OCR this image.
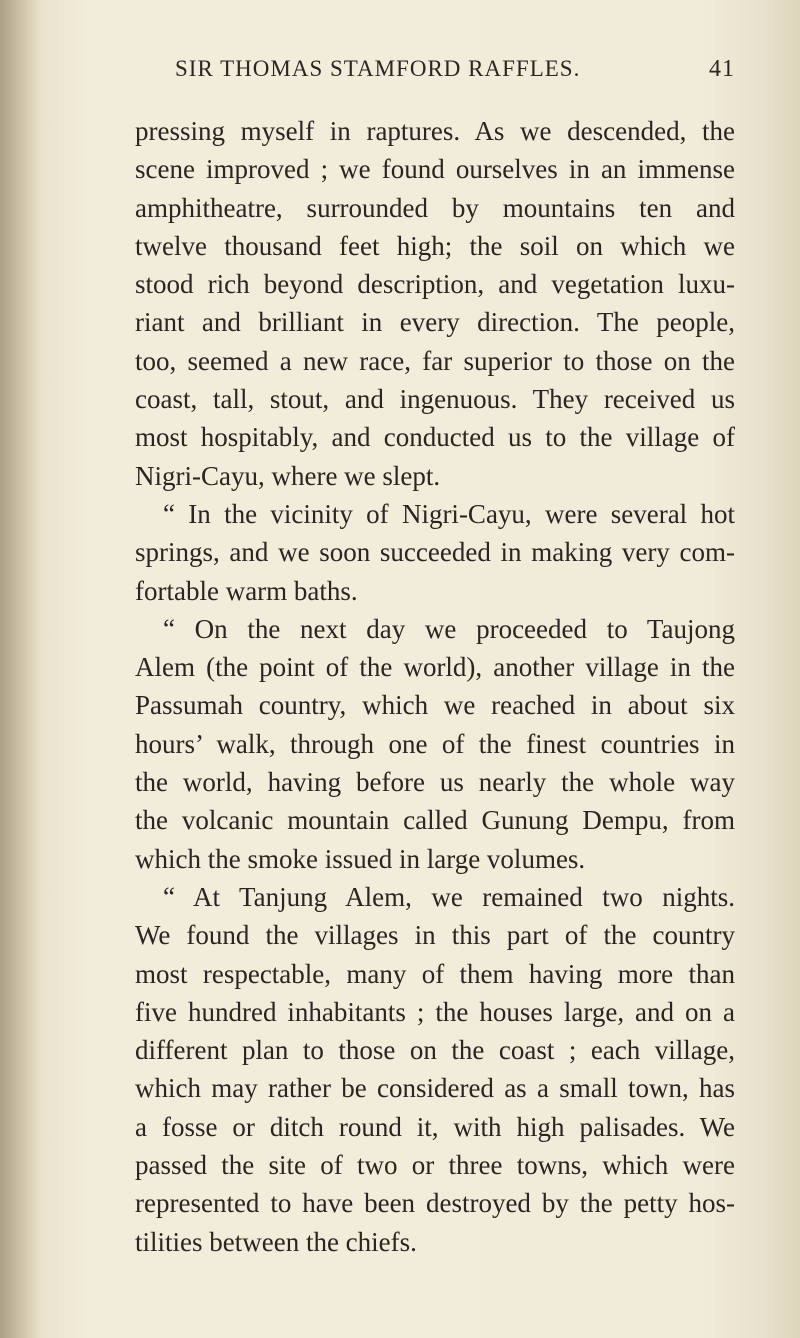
SIR THOMAS STAMFORD RAFFLES.	41
pressing myself in raptures. As we descended, the
scene improved ; we found ourselves in an immense
amphitheatre, surrounded by mountains ten and
twelve thousand feet high; the soil on which we
stood rich beyond description, and vegetation luxu-
riant and brilliant in every direction. The people,
too, seemed a new race, far superior to those on the
coast, tall, stout, and ingenuous. They received us
most hospitably, and conducted us to the village of
Nigri-Cayu, where we slept.
“ In the vicinity of Nigri-Cayu, were several hot
springs, and we soon succeeded in making very com-
fortable warm baths.
“ On the next day we proceeded to Taujong
Alem (the point of the world), another village in the
Passumah country, which we reached in about six
hours’ walk, through one of the finest countries in
the world, having before us nearly the whole way
the volcanic mountain called Gunung Dempu, from
which the smoke issued in large volumes.
“ At Tanjung Alem, we remained two nights.
We found the villages in this part of the country
most respectable, many of them having more than
five hundred inhabitants ; the houses large, and on a
different plan to those on the coast ; each village,
which may rather be considered as a small town, has
a fosse or ditch round it, with high palisades. We
passed the site of two or three towns, which were
represented to have been destroyed by the petty hos-
tilities between the chiefs.
